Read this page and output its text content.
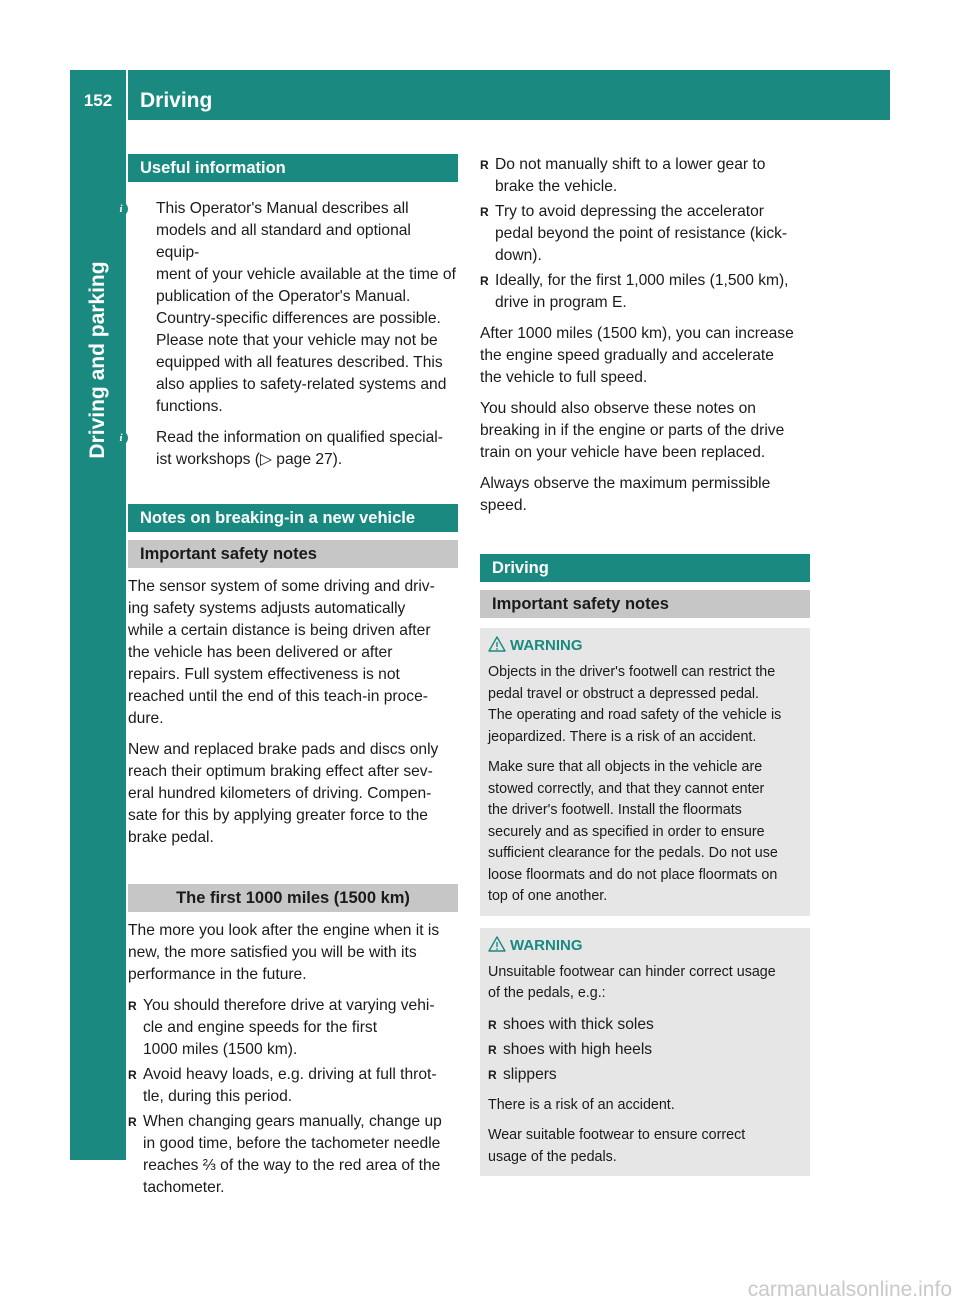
152	Driving
Driving and parking
Useful information
i	This Operator's Manual describes all
models and all standard and optional equip-
ment of your vehicle available at the time of
publication of the Operator's Manual.
Country-specific differences are possible.
Please note that your vehicle may not be
equipped with all features described. This
also applies to safety-related systems and
functions.
i	Read the information on qualified special-
ist workshops (▷ page 27).
Notes on breaking-in a new vehicle
Important safety notes

The sensor system of some driving and driv-
ing safety systems adjusts automatically
while a certain distance is being driven after
the vehicle has been delivered or after
repairs. Full system effectiveness is not
reached until the end of this teach-in proce-
dure.

New and replaced brake pads and discs only
reach their optimum braking effect after sev-
eral hundred kilometers of driving. Compen-
sate for this by applying greater force to the
brake pedal.

The first 1000 miles (1500 km)

The more you look after the engine when it is
new, the more satisfied you will be with its
performance in the future.

R You should therefore drive at varying vehi-
cle and engine speeds for the first
1000 miles (1500 km).
R Avoid heavy loads, e.g. driving at full throt-
tle, during this period.
R When changing gears manually, change up
in good time, before the tachometer needle
reaches ⅔ of the way to the red area of the
tachometer.
R Do not manually shift to a lower gear to
brake the vehicle.
R Try to avoid depressing the accelerator
pedal beyond the point of resistance (kick-
down).
R Ideally, for the first 1,000 miles (1,500 km),
drive in program E.

After 1000 miles (1500 km), you can increase
the engine speed gradually and accelerate
the vehicle to full speed.

You should also observe these notes on
breaking in if the engine or parts of the drive
train on your vehicle have been replaced.

Always observe the maximum permissible
speed.

Driving
Important safety notes
WARNING

Objects in the driver's footwell can restrict the
pedal travel or obstruct a depressed pedal.
The operating and road safety of the vehicle is
jeopardized. There is a risk of an accident.

Make sure that all objects in the vehicle are
stowed correctly, and that they cannot enter
the driver's footwell. Install the floormats
securely and as specified in order to ensure
sufficient clearance for the pedals. Do not use
loose floormats and do not place floormats on
top of one another.

WARNING

Unsuitable footwear can hinder correct usage
of the pedals, e.g.:

R shoes with thick soles
R shoes with high heels
R slippers

There is a risk of an accident.

Wear suitable footwear to ensure correct
usage of the pedals.

carmanualsonline.info
